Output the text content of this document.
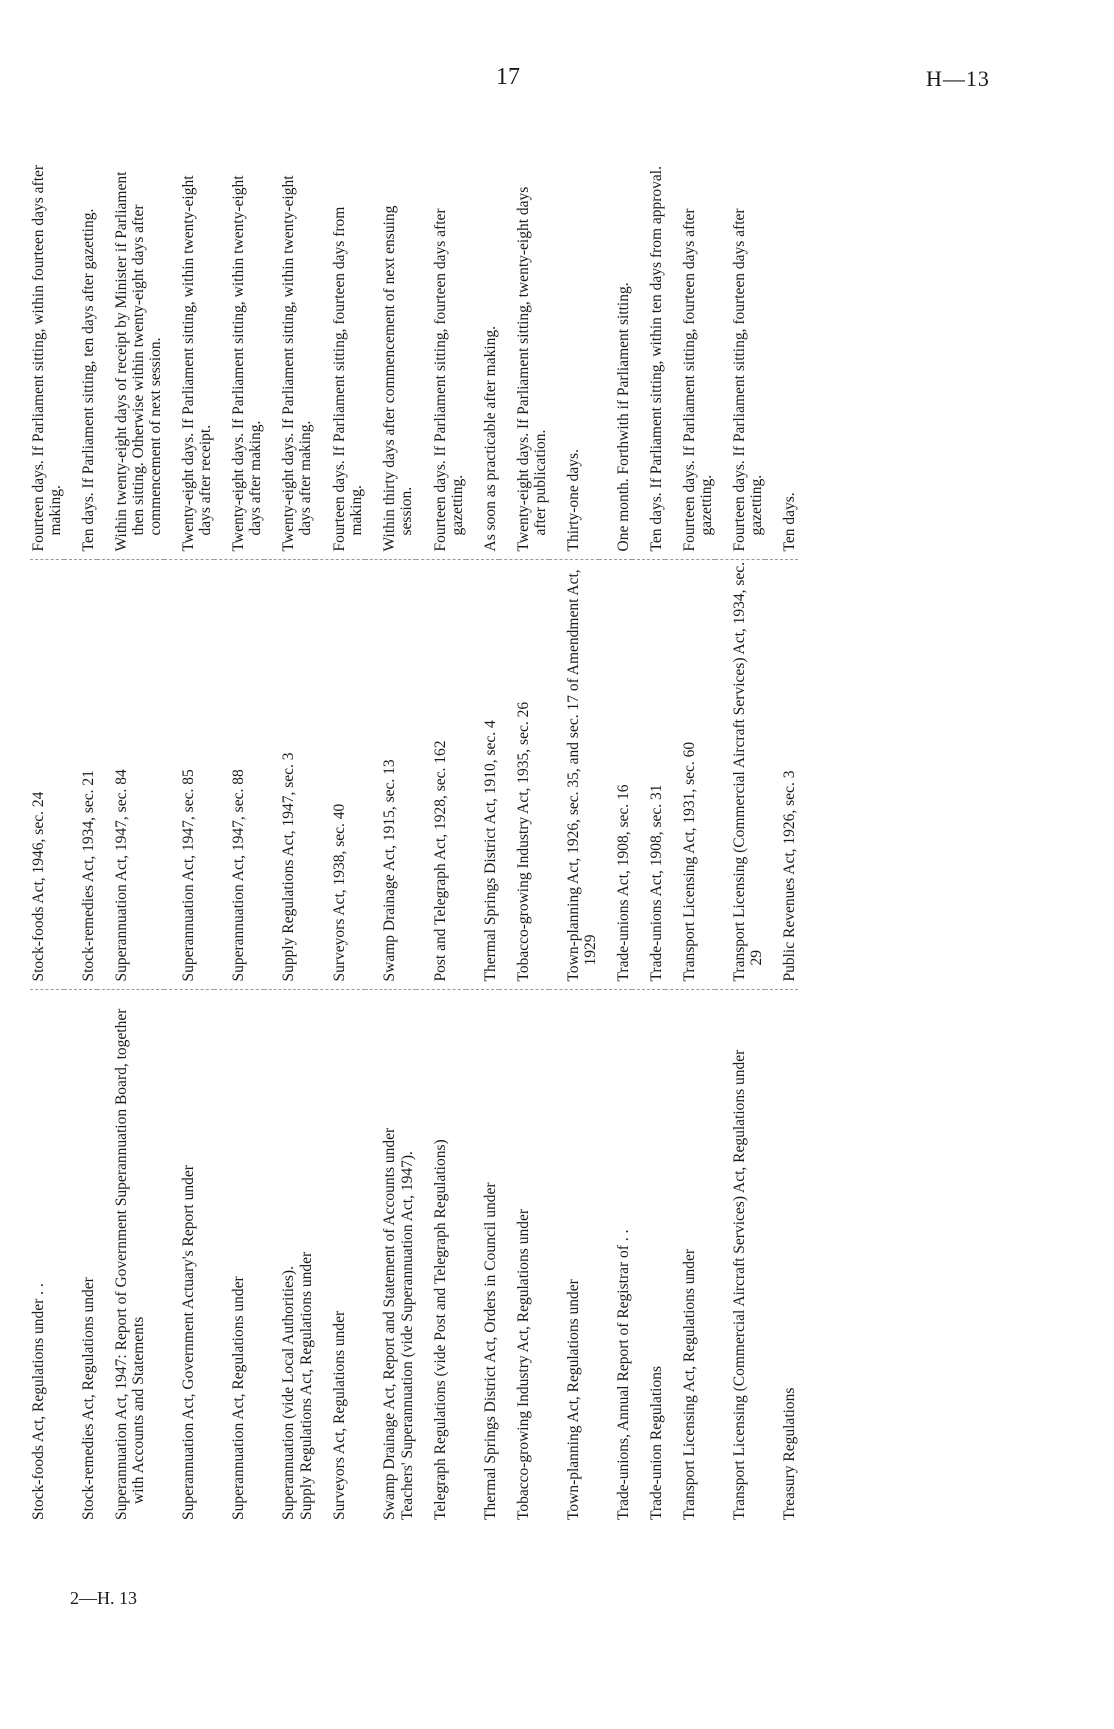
17	H—13
Stock-foods Act, Regulations under . .	Stock-foods Act, 1946, sec. 24	Fourteen days. If Parliament sitting, within fourteen days after making.

Stock-remedies Act, Regulations under	Stock-remedies Act, 1934, sec. 21	Ten days. If Parliament sitting, ten days after gazetting.

Superannuation Act, 1947: Report of Government Superannuation Board, together with Accounts and Statements	Superannuation Act, 1947, sec. 84	Within twenty-eight days of receipt by Minister if Parliament then sitting. Otherwise within twenty-eight days after commencement of next session.

Superannuation Act, Government Actuary's Report under	Superannuation Act, 1947, sec. 85	Twenty-eight days. If Parliament sitting, within twenty-eight days after receipt.

Superannuation Act, Regulations under	Superannuation Act, 1947, sec. 88	Twenty-eight days. If Parliament sitting, within twenty-eight days after making.

Superannuation (vide Local Authorities). Supply Regulations Act, Regulations under	Supply Regulations Act, 1947, sec. 3	Twenty-eight days. If Parliament sitting, within twenty-eight days after making.

Surveyors Act, Regulations under	Surveyors Act, 1938, sec. 40	Fourteen days. If Parliament sitting, fourteen days from making.

Swamp Drainage Act, Report and Statement of Accounts under Teachers' Superannuation (vide Superannuation Act, 1947).	Swamp Drainage Act, 1915, sec. 13	Within thirty days after commencement of next ensuing session.

Telegraph Regulations (vide Post and Telegraph Regulations)	Post and Telegraph Act, 1928, sec. 162	Fourteen days. If Parliament sitting, fourteen days after gazetting.

Thermal Springs District Act, Orders in Council under	Thermal Springs District Act, 1910, sec. 4	As soon as practicable after making.

Tobacco-growing Industry Act, Regulations under	Tobacco-growing Industry Act, 1935, sec. 26	Twenty-eight days. If Parliament sitting, twenty-eight days after publication.

Town-planning Act, Regulations under	Town-planning Act, 1926, sec. 35, and sec. 17 of Amendment Act, 1929	Thirty-one days.

Trade-unions, Annual Report of Registrar of . .	Trade-unions Act, 1908, sec. 16	One month. Forthwith if Parliament sitting.

Trade-union Regulations	Trade-unions Act, 1908, sec. 31	Ten days. If Parliament sitting, within ten days from approval.

Transport Licensing Act, Regulations under	Transport Licensing Act, 1931, sec. 60	Fourteen days. If Parliament sitting, fourteen days after gazetting.

Transport Licensing (Commercial Aircraft Services) Act, Regulations under	Transport Licensing (Commercial Aircraft Services) Act, 1934, sec. 29	Fourteen days. If Parliament sitting, fourteen days after gazetting.

Treasury Regulations	Public Revenues Act, 1926, sec. 3	Ten days.
2—H. 13
